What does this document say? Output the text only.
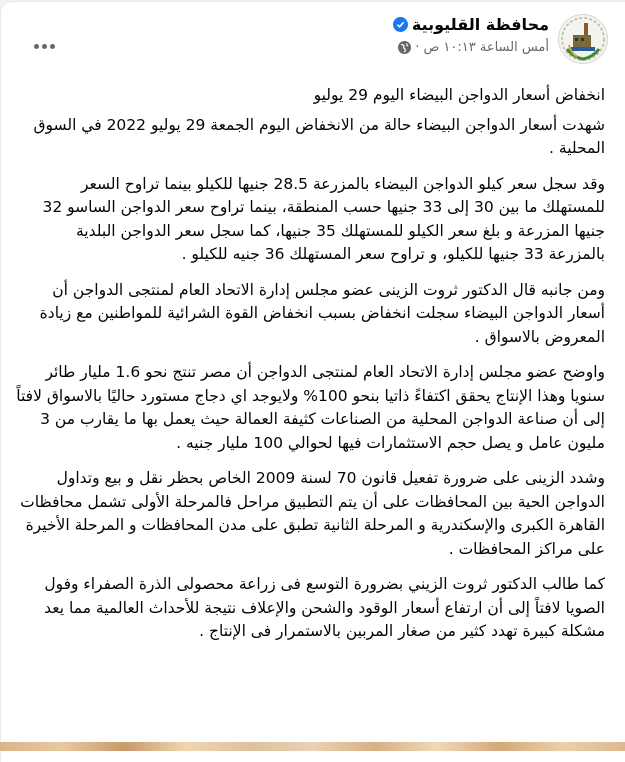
محافظة القليوبية
أمس الساعة ١٠:١٣ ص
·

انخفاض أسعار الدواجن البيضاء اليوم 29 يوليو

شهدت أسعار الدواجن البيضاء حالة من الانخفاض اليوم الجمعة 29 يوليو 2022 في السوق المحلية .

وقد سجل سعر كيلو الدواجن البيضاء بالمزرعة 28.5 جنيها للكيلو بينما تراوح السعر للمستهلك ما بين 30 إلى 33 جنيها حسب المنطقة، بينما تراوح سعر الدواجن الساسو 32 جنيها المزرعة و بلغ سعر الكيلو للمستهلك 35 جنيها، كما سجل سعر الدواجن البلدية بالمزرعة 33 جنيها للكيلو، و تراوح سعر المستهلك 36 جنيه للكيلو .

ومن جانبه قال الدكتور ثروت الزينى عضو مجلس إدارة الاتحاد العام لمنتجى الدواجن أن أسعار الدواجن البيضاء سجلت انخفاض بسبب انخفاض القوة الشرائية للمواطنين مع زيادة المعروض بالاسواق .

واوضح عضو مجلس إدارة الاتحاد العام لمنتجى الدواجن أن مصر تنتج نحو 1.6 مليار طائر سنويا وهذا الإنتاج يحقق اكتفاءً ذاتيا بنحو 100% ولايوجد اي دجاج مستورد حاليًا بالاسواق لافتاً إلى أن صناعة الدواجن المحلية من الصناعات كثيفة العمالة حيث يعمل بها ما يقارب من 3 مليون عامل و يصل حجم الاستثمارات فيها لحوالي 100 مليار جنيه .

وشدد الزينى على ضرورة تفعيل قانون 70 لسنة 2009 الخاص بحظر نقل و بيع وتداول الدواجن الحية بين المحافظات على أن يتم التطبيق مراحل فالمرحلة الأولى تشمل محافظات القاهرة الكبرى والإسكندرية و المرحلة الثانية تطبق على مدن المحافظات و المرحلة الأخيرة على مراكز المحافظات .

كما طالب الدكتور ثروت الزيني بضرورة التوسع فى زراعة محصولى الذرة الصفراء وفول الصويا لافتاً إلى أن ارتفاع أسعار الوقود والشحن والإعلاف نتيجة للأحداث العالمية مما يعد مشكلة كبيرة تهدد كثير من صغار المربين بالاستمرار فى الإنتاج .
